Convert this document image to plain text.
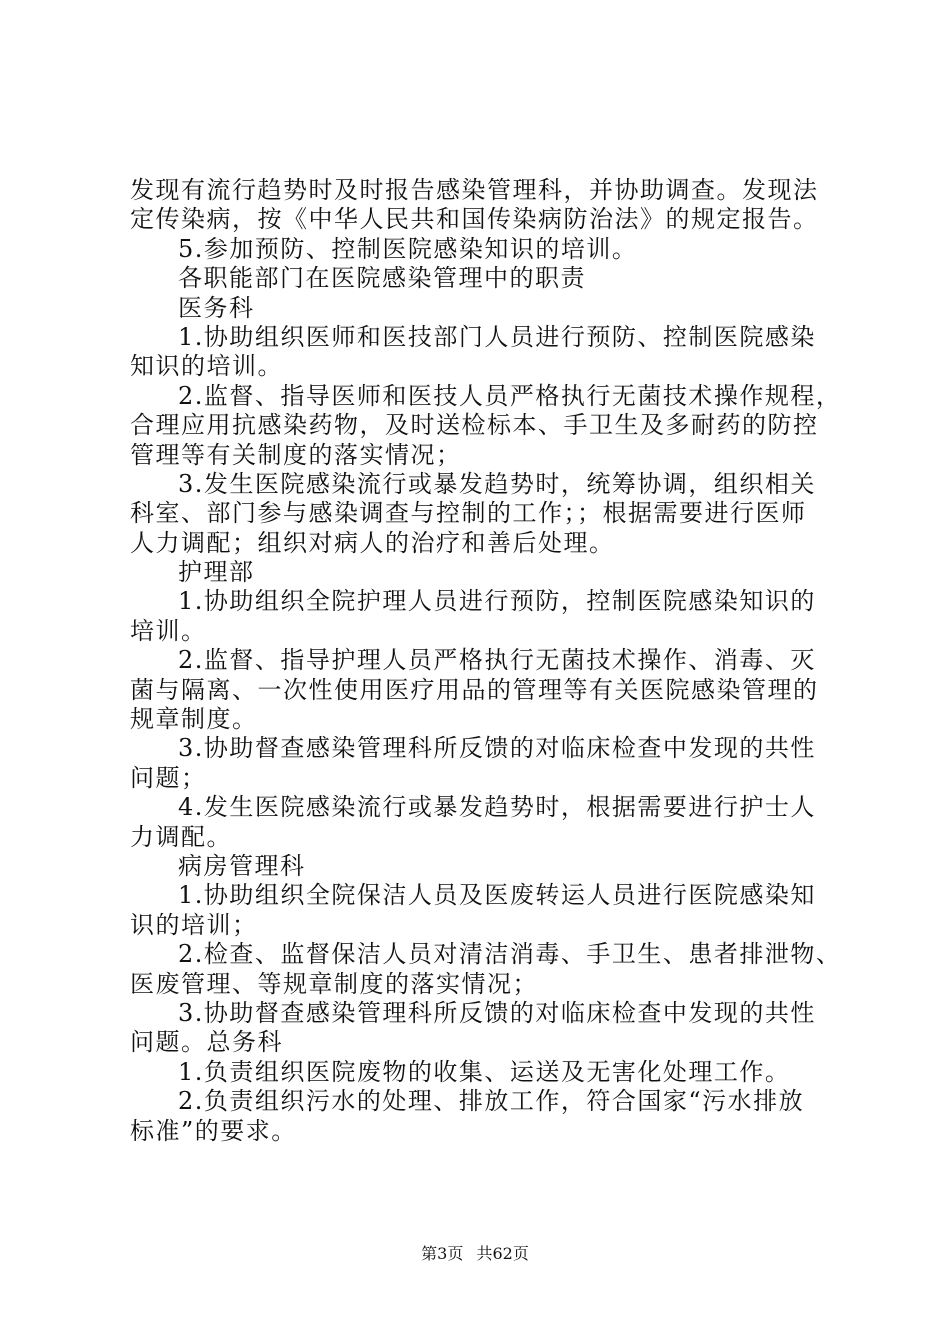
发现有流行趋势时及时报告感染管理科，并协助调查。发现法
定传染病，按《中华人民共和国传染病防治法》的规定报告。
5.参加预防、控制医院感染知识的培训。
各职能部门在医院感染管理中的职责
医务科
1.协助组织医师和医技部门人员进行预防、控制医院感染
知识的培训。
2.监督、指导医师和医技人员严格执行无菌技术操作规程，
合理应用抗感染药物，及时送检标本、手卫生及多耐药的防控
管理等有关制度的落实情况；
3.发生医院感染流行或暴发趋势时，统筹协调，组织相关
科室、部门参与感染调查与控制的工作；；根据需要进行医师
人力调配；组织对病人的治疗和善后处理。
护理部
1.协助组织全院护理人员进行预防，控制医院感染知识的
培训。
2.监督、指导护理人员严格执行无菌技术操作、消毒、灭
菌与隔离、一次性使用医疗用品的管理等有关医院感染管理的
规章制度。
3.协助督查感染管理科所反馈的对临床检查中发现的共性
问题；
4.发生医院感染流行或暴发趋势时，根据需要进行护士人
力调配。
病房管理科
1.协助组织全院保洁人员及医废转运人员进行医院感染知
识的培训；
2.检查、监督保洁人员对清洁消毒、手卫生、患者排泄物、
医废管理、等规章制度的落实情况；
3.协助督查感染管理科所反馈的对临床检查中发现的共性
问题。总务科
1.负责组织医院废物的收集、运送及无害化处理工作。
2.负责组织污水的处理、排放工作，符合国家“污水排放
标准”的要求。
第3页 共62页
